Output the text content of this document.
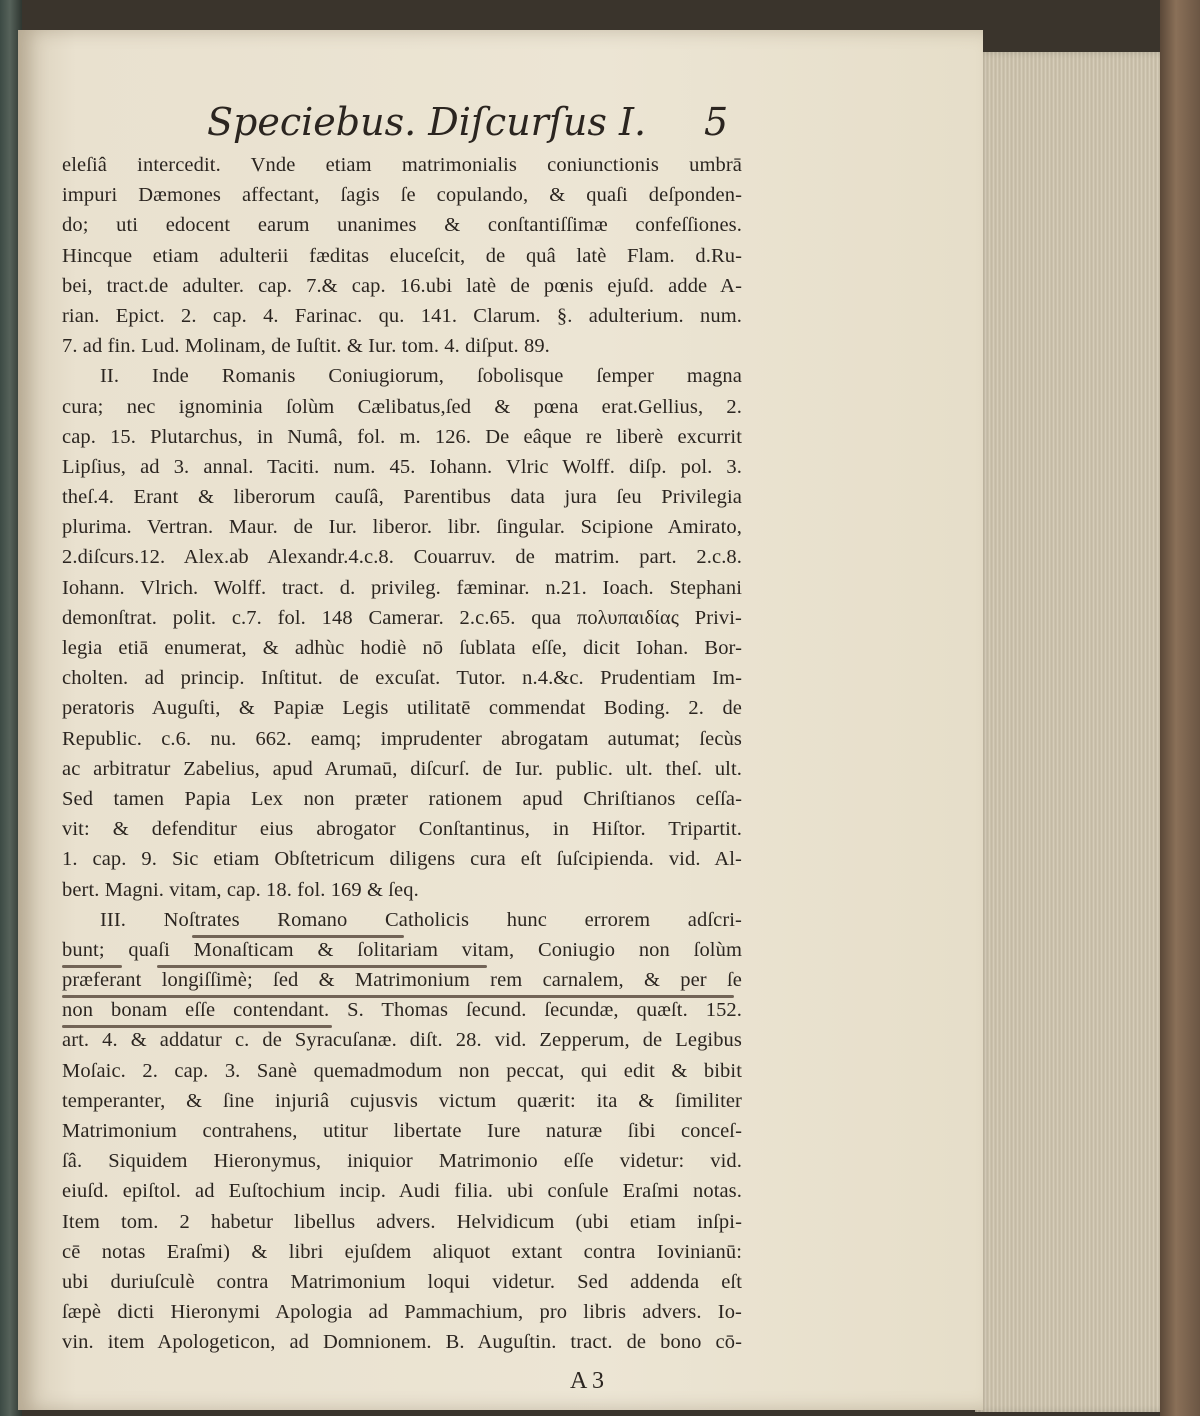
Speciebus. Diſcurſus I. 5
eleſiâ intercedit. Vnde etiam matrimonialis coniunctionis umbrā
impuri Dæmones affectant, ſagis ſe copulando, & quaſi deſponden-
do; uti edocent earum unanimes & conſtantiſſimæ confeſſiones.
Hincque etiam adulterii fæditas eluceſcit, de quâ latè Flam. d.Ru-
bei, tract.de adulter. cap. 7.& cap. 16.ubi latè de pœnis ejuſd. adde A-
rian. Epict. 2. cap. 4. Farinac. qu. 141. Clarum. §. adulterium. num.
7. ad fin. Lud. Molinam, de Iuſtit. & Iur. tom. 4. diſput. 89.
II. Inde Romanis Coniugiorum, ſobolisque ſemper magna
cura; nec ignominia ſolùm Cælibatus,ſed & pœna erat.Gellius, 2.
cap. 15. Plutarchus, in Numâ, fol. m. 126. De eâque re liberè excurrit
Lipſius, ad 3. annal. Taciti. num. 45. Iohann. Vlric Wolff. diſp. pol. 3.
theſ.4. Erant & liberorum cauſâ, Parentibus data jura ſeu Privilegia
plurima. Vertran. Maur. de Iur. liberor. libr. ſingular. Scipione Amirato,
2.diſcurs.12. Alex.ab Alexandr.4.c.8. Couarruv. de matrim. part. 2.c.8.
Iohann. Vlrich. Wolff. tract. d. privileg. fæminar. n.21. Ioach. Stephani
demonſtrat. polit. c.7. fol. 148 Camerar. 2.c.65. qua πολυπαιδίας Privi-
legia etiā enumerat, & adhùc hodiè nō ſublata eſſe, dicit Iohan. Bor-
cholten. ad princip. Inſtitut. de excuſat. Tutor. n.4.&c. Prudentiam Im-
peratoris Auguſti, & Papiæ Legis utilitatē commendat Boding. 2. de
Republic. c.6. nu. 662. eamq; imprudenter abrogatam autumat; ſecùs
ac arbitratur Zabelius, apud Arumaū, diſcurſ. de Iur. public. ult. theſ. ult.
Sed tamen Papia Lex non præter rationem apud Chriſtianos ceſſa-
vit: & defenditur eius abrogator Conſtantinus, in Hiſtor. Tripartit.
1. cap. 9. Sic etiam Obſtetricum diligens cura eſt ſuſcipienda. vid. Al-
bert. Magni. vitam, cap. 18. fol. 169 & ſeq.
III. Noſtrates Romano Catholicis hunc errorem adſcri-
bunt; quaſi Monaſticam & ſolitariam vitam, Coniugio non ſolùm
præferant longiſſimè; ſed & Matrimonium rem carnalem, & per ſe
non bonam eſſe contendant. S. Thomas ſecund. ſecundæ, quæſt. 152.
art. 4. & addatur c. de Syracuſanæ. diſt. 28. vid. Zepperum, de Legibus
Moſaic. 2. cap. 3. Sanè quemadmodum non peccat, qui edit & bibit
temperanter, & ſine injuriâ cujusvis victum quærit: ita & ſimiliter
Matrimonium contrahens, utitur libertate Iure naturæ ſibi conceſ-
ſâ. Siquidem Hieronymus, iniquior Matrimonio eſſe videtur: vid.
eiuſd. epiſtol. ad Euſtochium incip. Audi filia. ubi conſule Eraſmi notas.
Item tom. 2 habetur libellus advers. Helvidicum (ubi etiam inſpi-
cē notas Eraſmi) & libri ejuſdem aliquot extant contra Iovinianū:
ubi duriuſculè contra Matrimonium loqui videtur. Sed addenda eſt
ſæpè dicti Hieronymi Apologia ad Pammachium, pro libris advers. Io-
vin. item Apologeticon, ad Domnionem. B. Auguſtin. tract. de bono cō-
A 3
